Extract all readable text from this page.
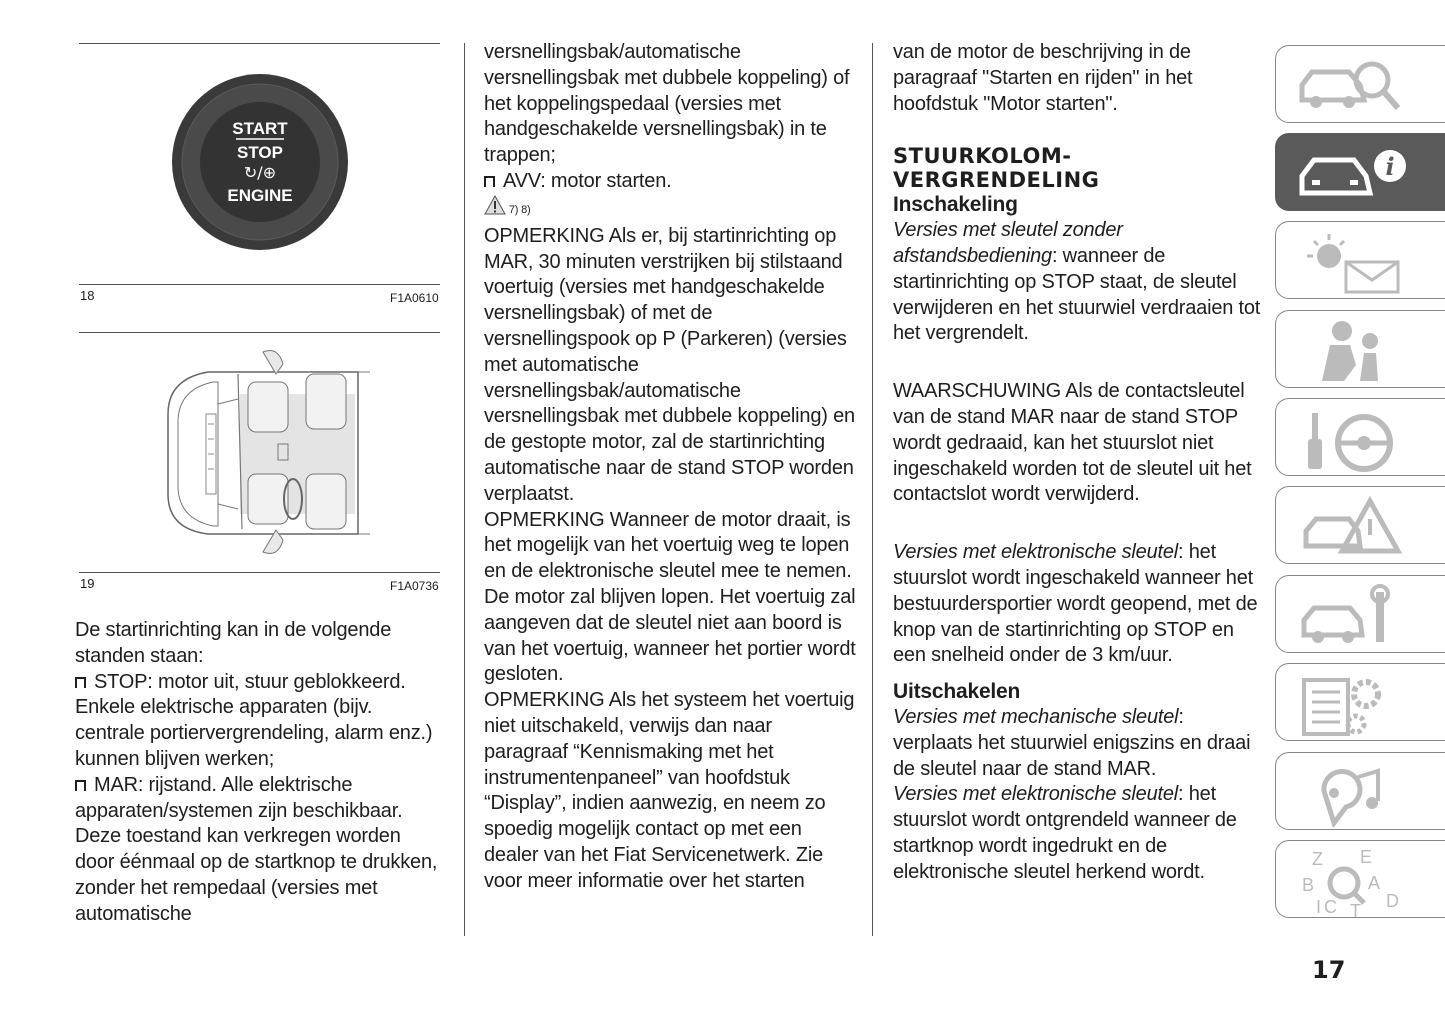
START
STOP
↻/⊕
ENGINE
18	F1A0610
19	F1A0736

De startinrichting kan in de volgende standen staan:

STOP: motor uit, stuur geblokkeerd. Enkele elektrische apparaten (bijv. centrale portiervergrendeling, alarm enz.) kunnen blijven werken;

MAR: rijstand. Alle elektrische apparaten/systemen zijn beschikbaar. Deze toestand kan verkregen worden door éénmaal op de startknop te drukken, zonder het rempedaal (versies met automatische

versnellingsbak/automatische versnellingsbak met dubbele koppeling) of het koppelingspedaal (versies met handgeschakelde versnellingsbak) in te trappen;

AVV: motor starten.

7) 8)

OPMERKING Als er, bij startinrichting op MAR, 30 minuten verstrijken bij stilstaand voertuig (versies met handgeschakelde versnellingsbak) of met de versnellingspook op P (Parkeren) (versies met automatische versnellingsbak/automatische versnellingsbak met dubbele koppeling) en de gestopte motor, zal de startinrichting automatische naar de stand STOP worden verplaatst.

OPMERKING Wanneer de motor draait, is het mogelijk van het voertuig weg te lopen en de elektronische sleutel mee te nemen. De motor zal blijven lopen. Het voertuig zal aangeven dat de sleutel niet aan boord is van het voertuig, wanneer het portier wordt gesloten.

OPMERKING Als het systeem het voertuig niet uitschakeld, verwijs dan naar paragraaf “Kennismaking met het instrumentenpaneel” van hoofdstuk “Display”, indien aanwezig, en neem zo spoedig mogelijk contact op met een dealer van het Fiat Servicenetwerk. Zie voor meer informatie over het starten

van de motor de beschrijving in de paragraaf "Starten en rijden" in het hoofdstuk "Motor starten".

STUURKOLOM-

VERGRENDELING

Inschakeling

Versies met sleutel zonder afstandsbediening: wanneer de startinrichting op STOP staat, de sleutel verwijderen en het stuurwiel verdraaien tot het vergrendelt.

WAARSCHUWING Als de contactsleutel van de stand MAR naar de stand STOP wordt gedraaid, kan het stuurslot niet ingeschakeld worden tot de sleutel uit het contactslot wordt verwijderd.

Versies met elektronische sleutel: het stuurslot wordt ingeschakeld wanneer het bestuurdersportier wordt geopend, met de knop van de startinrichting op STOP en een snelheid onder de 3 km/uur.

Uitschakelen

Versies met mechanische sleutel: verplaats het stuurwiel enigszins en draai de sleutel naar de stand MAR.

Versies met elektronische sleutel: het stuurslot wordt ontgrendeld wanneer de startknop wordt ingedrukt en de elektronische sleutel herkend wordt.

i
Z E
B	A
C T D
I
17
